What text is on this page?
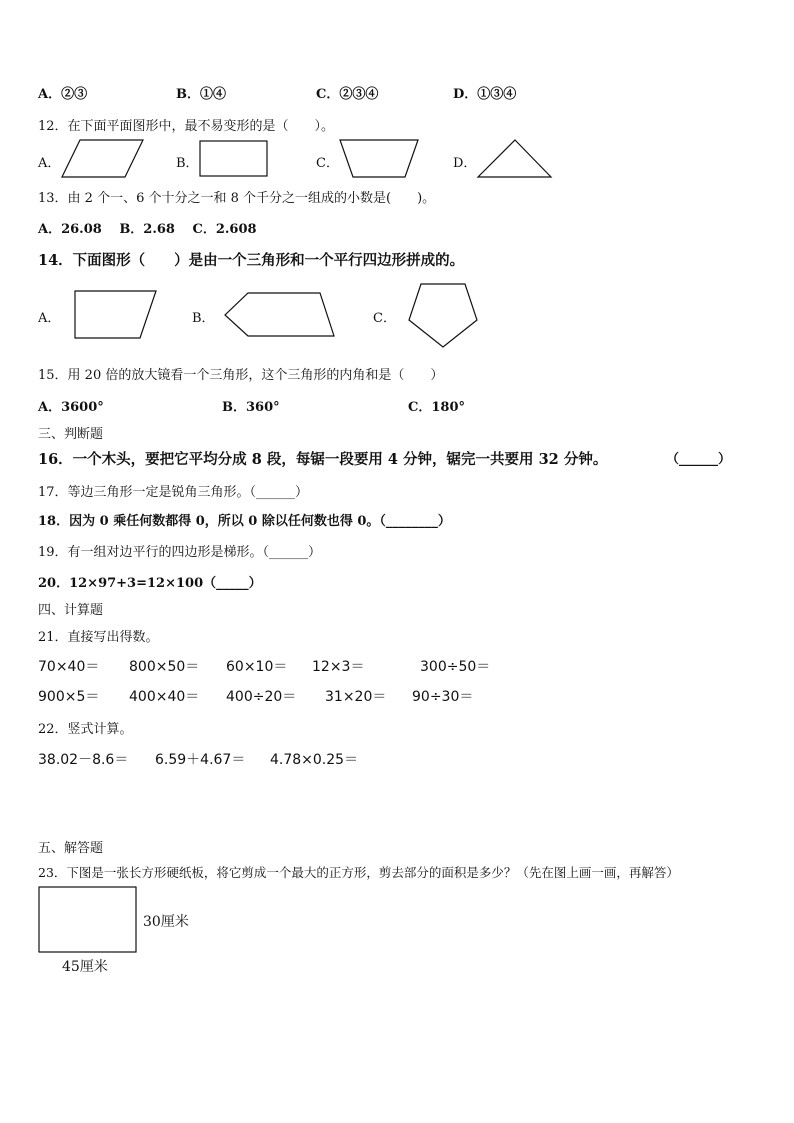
A．②③	B．①④	C．②③④	D．①③④
12．在下面平面图形中，最不易变形的是（　　）。
A．	B．	C．	D．
13．由 2 个一、6 个十分之一和 8 个千分之一组成的小数是(　　)。
A．26.08　 B．2.68　 C．2.608
14．下面图形（　　）是由一个三角形和一个平行四边形拼成的。
A．	B．	C．
15．用 20 倍的放大镜看一个三角形，这个三角形的内角和是（　　）
A．3600°	B．360°	C．180°
三、判断题
16．一个木头，要把它平均分成 8 段，每锯一段要用 4 分钟，锯完一共要用 32 分钟。	（______）
17．等边三角形一定是锐角三角形。（______）
18．因为 0 乘任何数都得 0，所以 0 除以任何数也得 0。（________）
19．有一组对边平行的四边形是梯形。（______）
20．12×97+3=12×100（_____）
四、计算题
21．直接写出得数。
70×40＝ 800×50＝ 60×10＝ 12×3＝	300÷50＝
900×5＝ 400×40＝ 400÷20＝ 31×20＝ 90÷30＝
22．竖式计算。
38.02－8.6＝ 6.59＋4.67＝ 4.78×0.25＝
五、解答题
23．下图是一张长方形硬纸板，将它剪成一个最大的正方形，剪去部分的面积是多少？（先在图上画一画，再解答）
30厘米
45厘米
